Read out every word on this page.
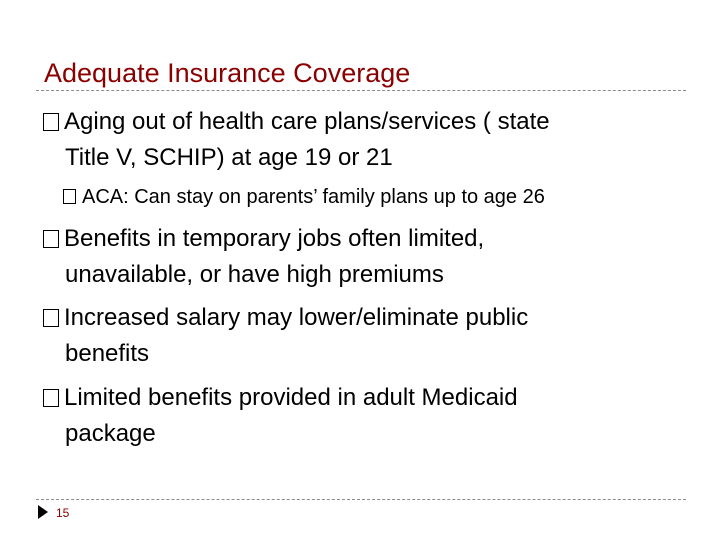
Adequate Insurance Coverage
Aging out of health care plans/services ( state
Title V, SCHIP) at age 19 or 21
ACA: Can stay on parents’ family plans up to age 26
Benefits in temporary jobs often limited,
unavailable, or have high premiums
Increased salary may lower/eliminate public
benefits
Limited benefits provided in adult Medicaid
package
15
